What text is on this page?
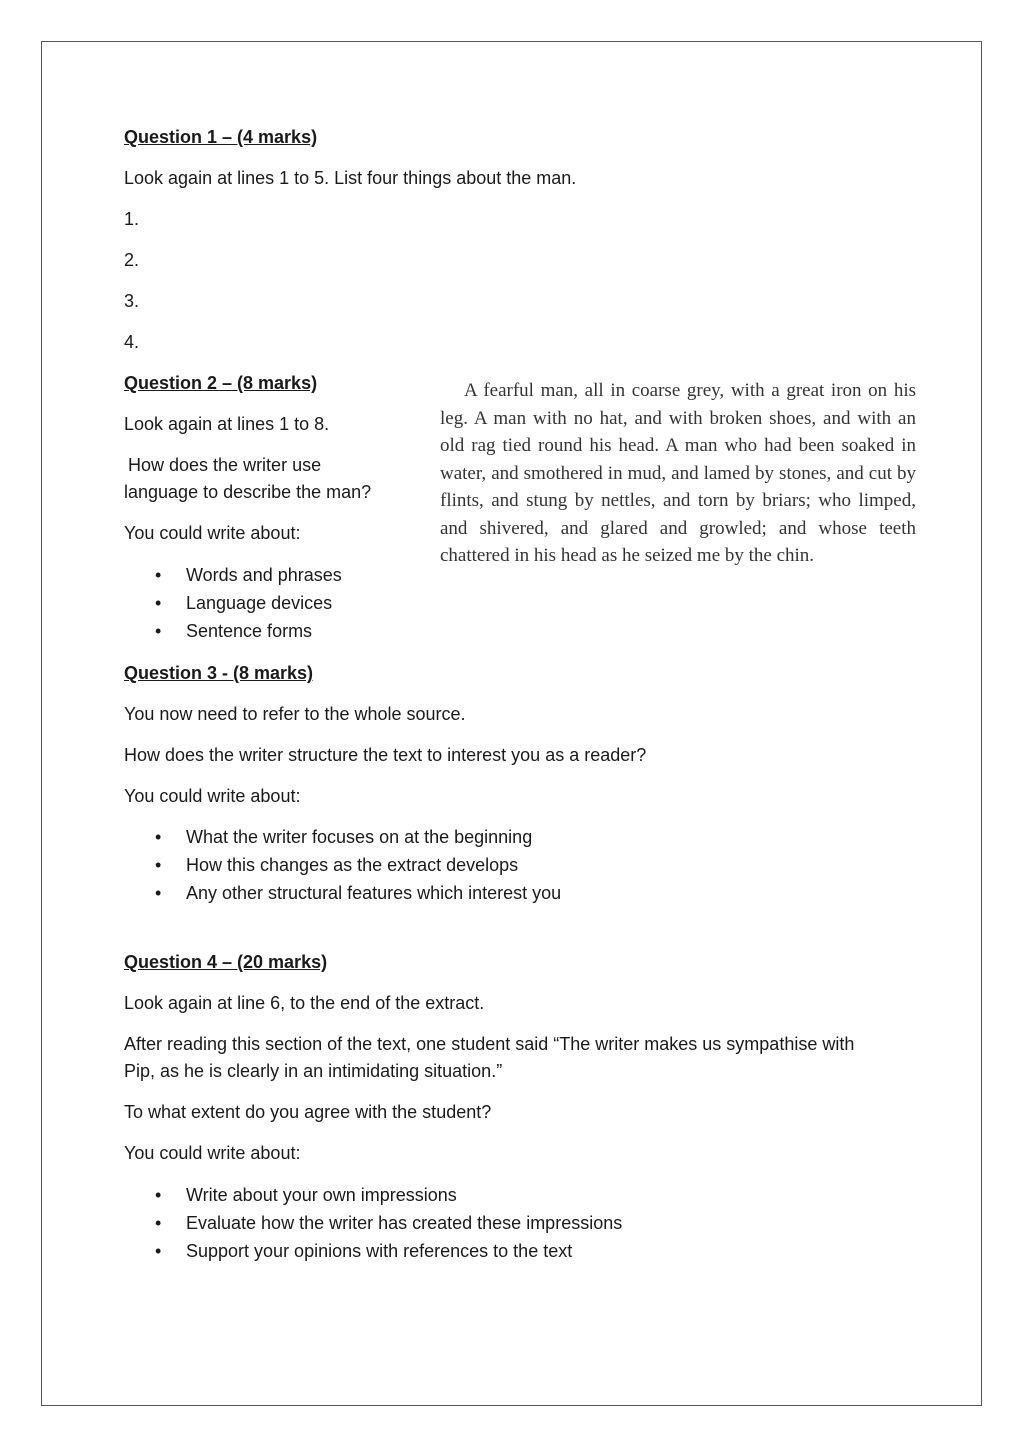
Question 1 – (4 marks)
Look again at lines 1 to 5. List four things about the man.
1.
2.
3.
4.
Question 2 – (8 marks)
Look again at lines 1 to 8.
How does the writer use
language to describe the man?
You could write about:
• Words and phrases
• Language devices
• Sentence forms
A fearful man, all in coarse grey, with a great iron on his leg. A man with no hat, and with broken shoes, and with an old rag tied round his head. A man who had been soaked in water, and smothered in mud, and lamed by stones, and cut by flints, and stung by nettles, and torn by briars; who limped, and shivered, and glared and growled; and whose teeth chattered in his head as he seized me by the chin.
Question 3 - (8 marks)
You now need to refer to the whole source.
How does the writer structure the text to interest you as a reader?
You could write about:
• What the writer focuses on at the beginning
• How this changes as the extract develops
• Any other structural features which interest you
Question 4 – (20 marks)
Look again at line 6, to the end of the extract.
After reading this section of the text, one student said “The writer makes us sympathise with
Pip, as he is clearly in an intimidating situation.”
To what extent do you agree with the student?
You could write about:
• Write about your own impressions
• Evaluate how the writer has created these impressions
• Support your opinions with references to the text
